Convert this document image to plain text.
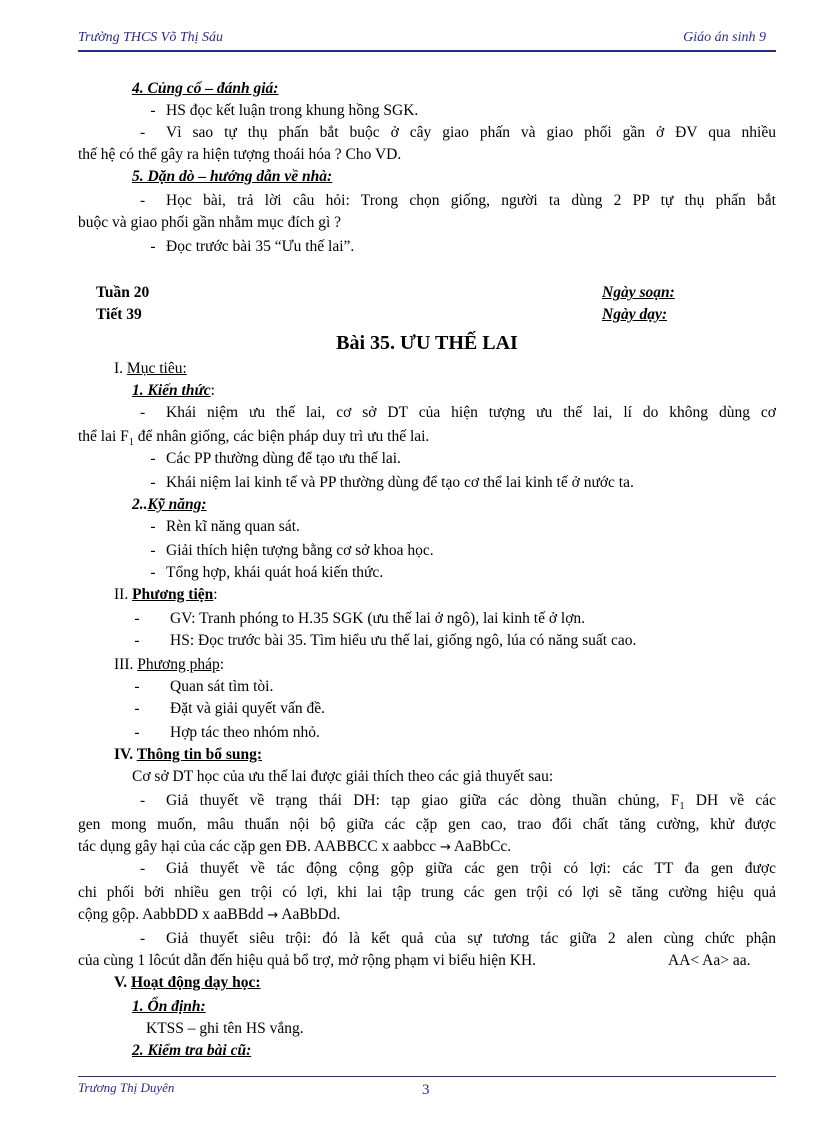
Trường THCS Võ Thị Sáu	Giáo án sinh 9
4. Củng cố – đánh giá:
- HS đọc kết luận trong khung hồng SGK.
- Vì sao tự thụ phấn bắt buộc ở cây giao phấn và giao phối gần ở ĐV qua nhiều
thế hệ có thể gây ra hiện tượng thoái hóa ? Cho VD.
5. Dặn dò – hướng dẫn về nhà:
- Học bài, trả lời câu hỏi: Trong chọn giống, người ta dùng 2 PP tự thụ phấn bắt
buộc và giao phối gần nhằm mục đích gì ?
- Đọc trước bài 35 “Ưu thế lai”.
Tuần 20
Tiết 39
Ngày soạn:
Ngày dạy:
Bài 35. ƯU THẾ LAI
I. Mục tiêu:
1. Kiến thức:
- Khái niệm ưu thế lai, cơ sở DT của hiện tượng ưu thế lai, lí do không dùng cơ
thể lai $F_1$ để nhân giống, các biện pháp duy trì ưu thế lai.
- Các PP thường dùng để tạo ưu thế lai.
- Khái niệm lai kinh tế và PP thường dùng để tạo cơ thể lai kinh tế ở nước ta.
2..Kỹ năng:
- Rèn kĩ năng quan sát.
- Giải thích hiện tượng bằng cơ sở khoa học.
- Tổng hợp, khái quát hoá kiến thức.
II. Phương tiện:
- GV: Tranh phóng to H.35 SGK (ưu thế lai ở ngô), lai kinh tế ở lợn.
- HS: Đọc trước bài 35. Tìm hiểu ưu thế lai, giống ngô, lúa có năng suất cao.
III. Phương pháp:
- Quan sát tìm tòi.
- Đặt và giải quyết vấn đề.
- Hợp tác theo nhóm nhỏ.
IV. Thông tin bổ sung:
Cơ sở DT học của ưu thế lai được giải thích theo các giả thuyết sau:
- Giả thuyết về trạng thái DH: tạp giao giữa các dòng thuần chủng, $F_1$ DH về các
gen mong muốn, mâu thuẩn nội bộ giữa các cặp gen cao, trao đổi chất tăng cường, khử được
tác dụng gây hại của các cặp gen ĐB. AABBCC x aabbcc → AaBbCc.
- Giả thuyết về tác động cộng gộp giữa các gen trội có lợi: các TT đa gen được
chi phối bởi nhiều gen trội có lợi, khi lai tập trung các gen trội có lợi sẽ tăng cường hiệu quả
cộng gộp. AabbDD x aaBBdd → AaBbDd.
- Giả thuyết siêu trội: đó là kết quả của sự tương tác giữa 2 alen cùng chức phận
của cùng 1 lôcút dẫn đến hiệu quả bổ trợ, mở rộng phạm vi biểu hiện KH.	AA< Aa> aa.
V. Hoạt động dạy học:
1. Ổn định:
KTSS – ghi tên HS vắng.
2. Kiểm tra bài cũ:
Trương Thị Duyên	3
